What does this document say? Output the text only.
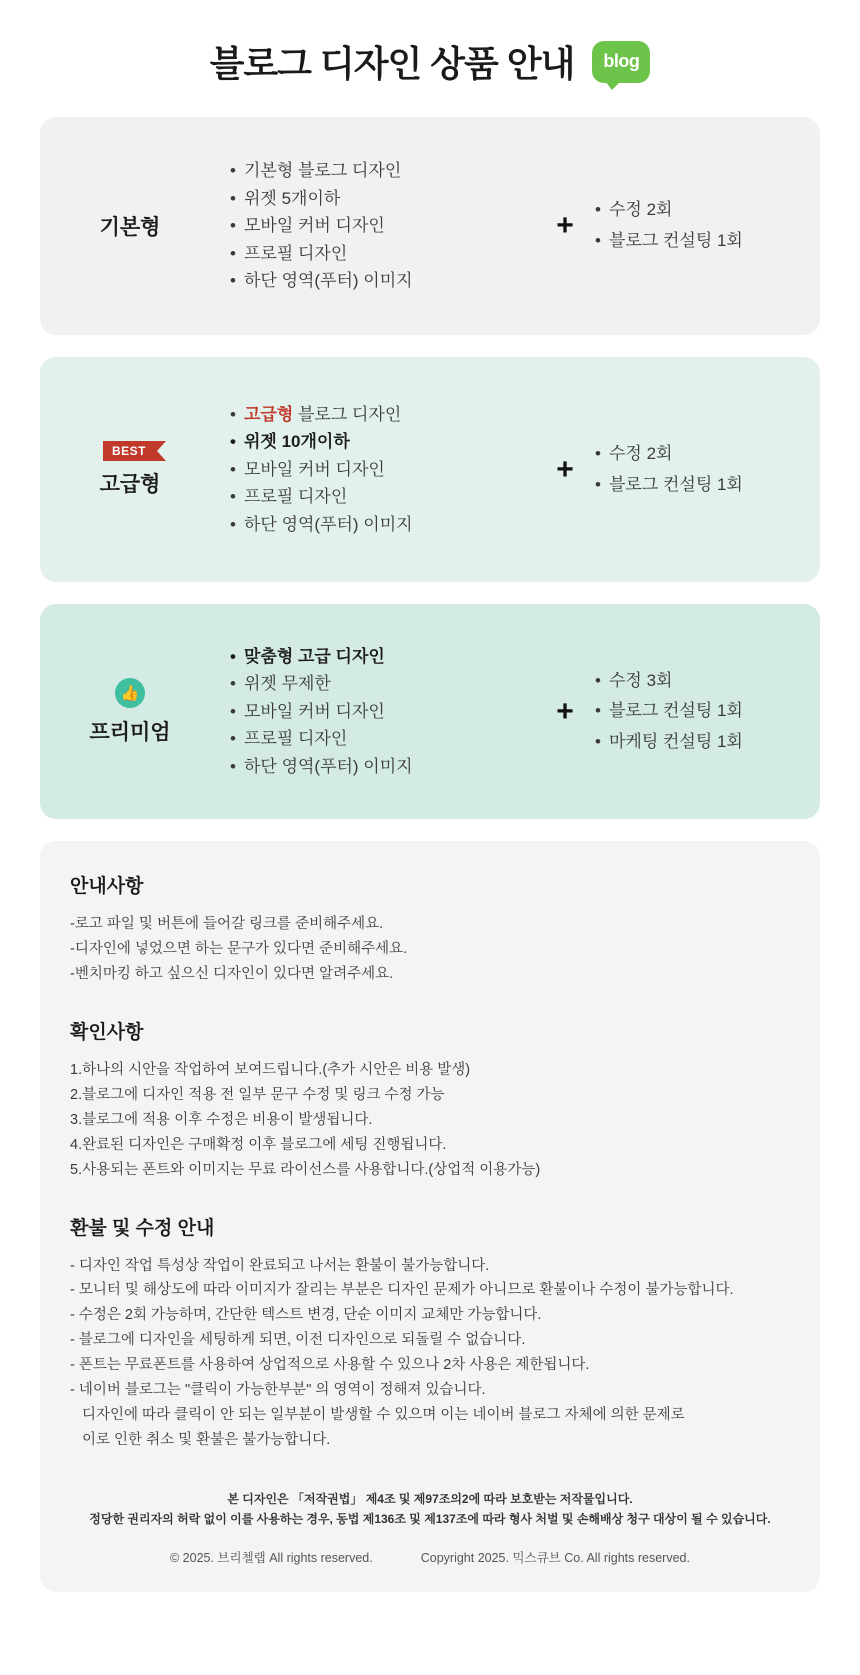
블로그 디자인 상품 안내 blog
기본형
• 기본형 블로그 디자인
• 위젯 5개이하
• 모바일 커버 디자인
• 프로필 디자인
• 하단 영역(푸터) 이미지
+	• 수정 2회
• 블로그 컨설팅 1회
BEST
고급형
• 고급형 블로그 디자인
• 위젯 10개이하
• 모바일 커버 디자인
• 프로필 디자인
• 하단 영역(푸터) 이미지
+	• 수정 2회
• 블로그 컨설팅 1회
👍
프리미엄
• 맞춤형 고급 디자인
• 위젯 무제한
• 모바일 커버 디자인
• 프로필 디자인
• 하단 영역(푸터) 이미지
+
• 수정 3회
• 블로그 컨설팅 1회
• 마케팅 컨설팅 1회
안내사항

-로고 파일 및 버튼에 들어갈 링크를 준비해주세요.

-디자인에 넣었으면 하는 문구가 있다면 준비해주세요.

-벤치마킹 하고 싶으신 디자인이 있다면 알려주세요.

확인사항

1.하나의 시안을 작업하여 보여드립니다.(추가 시안은 비용 발생)

2.블로그에 디자인 적용 전 일부 문구 수정 및 링크 수정 가능

3.블로그에 적용 이후 수정은 비용이 발생됩니다.

4.완료된 디자인은 구매확정 이후 블로그에 세팅 진행됩니다.

5.사용되는 폰트와 이미지는 무료 라이선스를 사용합니다.(상업적 이용가능)

환불 및 수정 안내

- 디자인 작업 특성상 작업이 완료되고 나서는 환불이 불가능합니다.

- 모니터 및 해상도에 따라 이미지가 잘리는 부분은 디자인 문제가 아니므로 환불이나 수정이 불가능합니다.

- 수정은 2회 가능하며, 간단한 텍스트 변경, 단순 이미지 교체만 가능합니다.

- 블로그에 디자인을 세팅하게 되면, 이전 디자인으로 되돌릴 수 없습니다.

- 폰트는 무료폰트를 사용하여 상업적으로 사용할 수 있으나 2차 사용은 제한됩니다.

- 네이버 블로그는 "클릭이 가능한부분" 의 영역이 정해져 있습니다.

디자인에 따라 클릭이 안 되는 일부분이 발생할 수 있으며 이는 네이버 블로그 자체에 의한 문제로

이로 인한 취소 및 환불은 불가능합니다.

본 디자인은 「저작권법」 제4조 및 제97조의2에 따라 보호받는 저작물입니다.
정당한 권리자의 허락 없이 이를 사용하는 경우, 동법 제136조 및 제137조에 따라 형사 처벌 및 손해배상 청구 대상이 될 수 있습니다.
© 2025. 브리첼랩 All rights reserved.	Copyright 2025. 믹스큐브 Co. All rights reserved.
